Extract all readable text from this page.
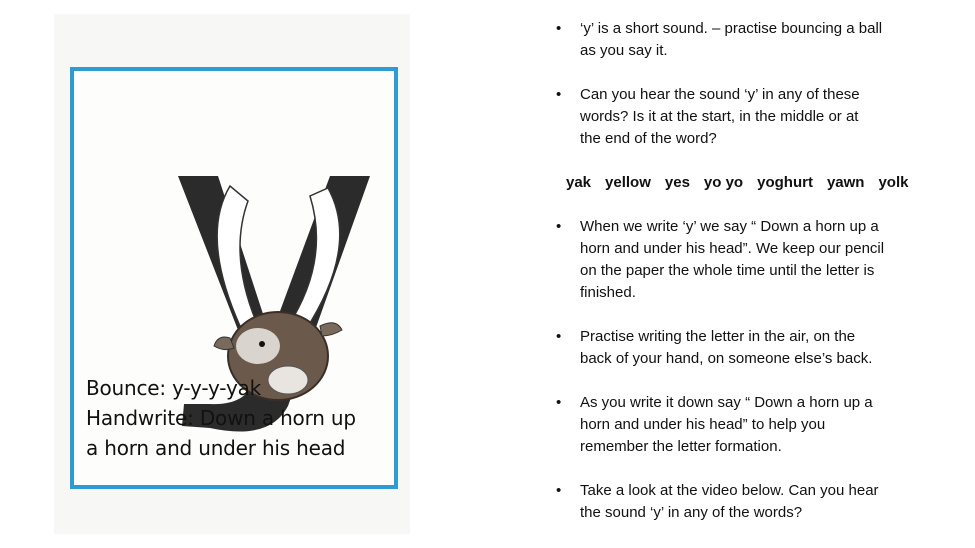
Bounce: y-y-y-yak
Handwrite: Down a horn up
a horn and under his head
• ‘y’ is a short sound. – practise bouncing a ball
as you say it.
• Can you hear the sound ‘y’ in any of these
words? Is it at the start, in the middle or at
the end of the word?
yak yellow yes yo yo yoghurt yawn yolk
• When we write ‘y’ we say “ Down a horn up a
horn and under his head”. We keep our pencil
on the paper the whole time until the letter is
finished.
• Practise writing the letter in the air, on the
back of your hand, on someone else’s back.
• As you write it down say “ Down a horn up a
horn and under his head” to help you
remember the letter formation.
• Take a look at the video below. Can you hear
the sound ‘y’ in any of the words?
